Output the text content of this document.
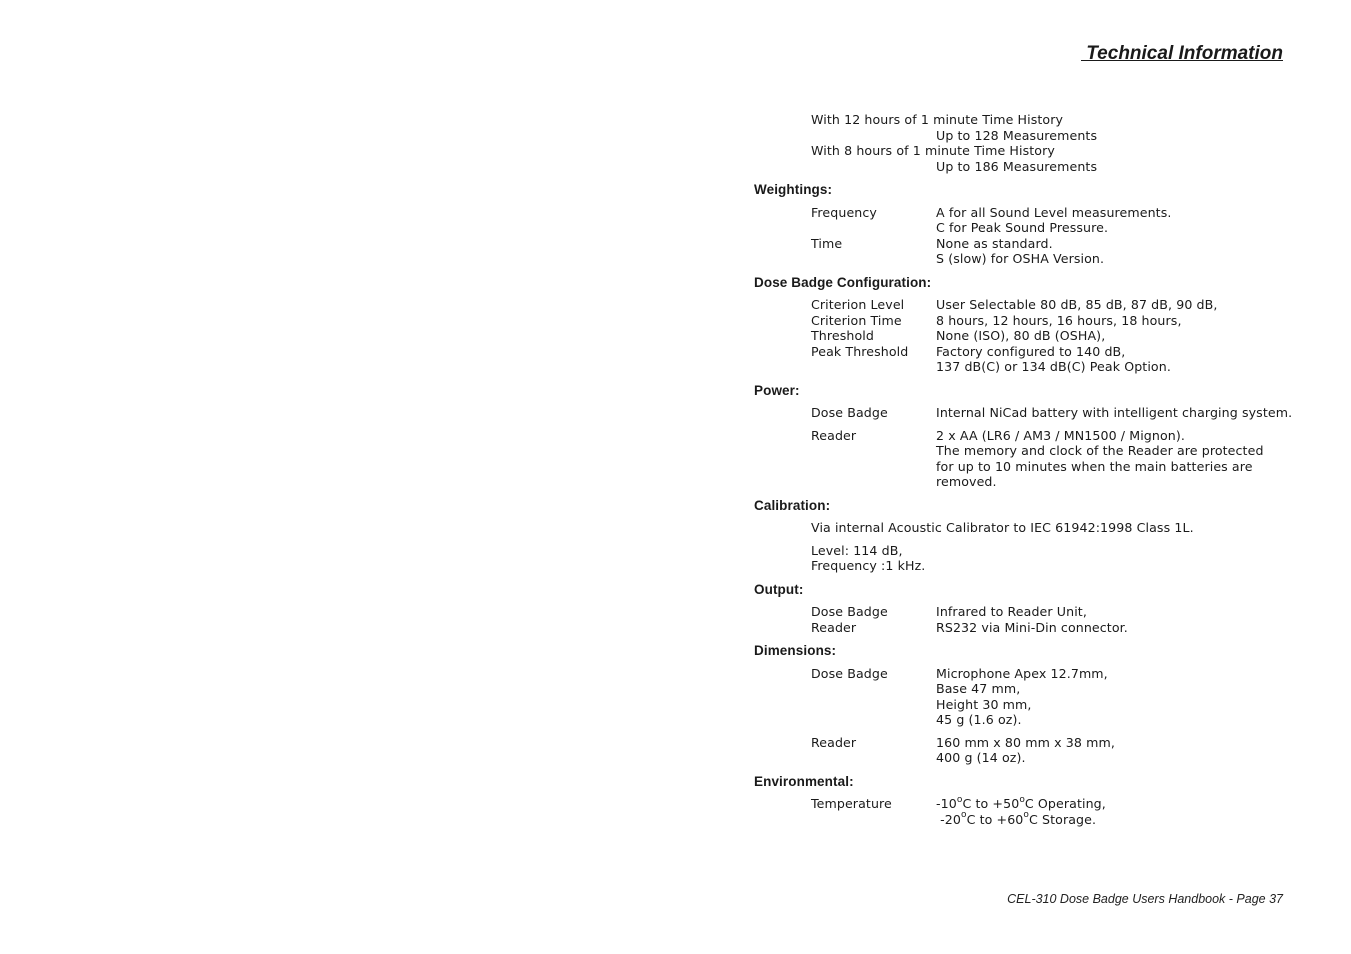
Technical Information
With 12 hours of 1 minute Time History
Up to 128 Measurements
With 8 hours of 1 minute Time History
Up to 186 Measurements
Weightings:
Frequency	A for all Sound Level measurements.
C for Peak Sound Pressure.
Time	None as standard.
S (slow) for OSHA Version.
Dose Badge Configuration:
Criterion Level	User Selectable 80 dB, 85 dB, 87 dB, 90 dB,
Criterion Time	8 hours, 12 hours, 16 hours, 18 hours,
Threshold	None (ISO), 80 dB (OSHA),
Peak Threshold	Factory configured to 140 dB,
137 dB(C) or 134 dB(C) Peak Option.
Power:
Dose Badge	Internal NiCad battery with intelligent charging system.
Reader	2 x AA (LR6 / AM3 / MN1500 / Mignon).
The memory and clock of the Reader are protected
for up to 10 minutes when the main batteries are
removed.
Calibration:
Via internal Acoustic Calibrator to IEC 61942:1998 Class 1L.
Level: 114 dB,
Frequency :1 kHz.
Output:
Dose Badge	Infrared to Reader Unit,
Reader	RS232 via Mini-Din connector.
Dimensions:
Dose Badge	Microphone Apex 12.7mm,
Base 47 mm,
Height 30 mm,
45 g (1.6 oz).
Reader	160 mm x 80 mm x 38 mm,
400 g (14 oz).
Environmental:
Temperature	-10$^o$C to $+50^oC$ Operating,
-20$^o$C to $+60^oC$ Storage.
CEL-310 Dose Badge Users Handbook - Page 37
